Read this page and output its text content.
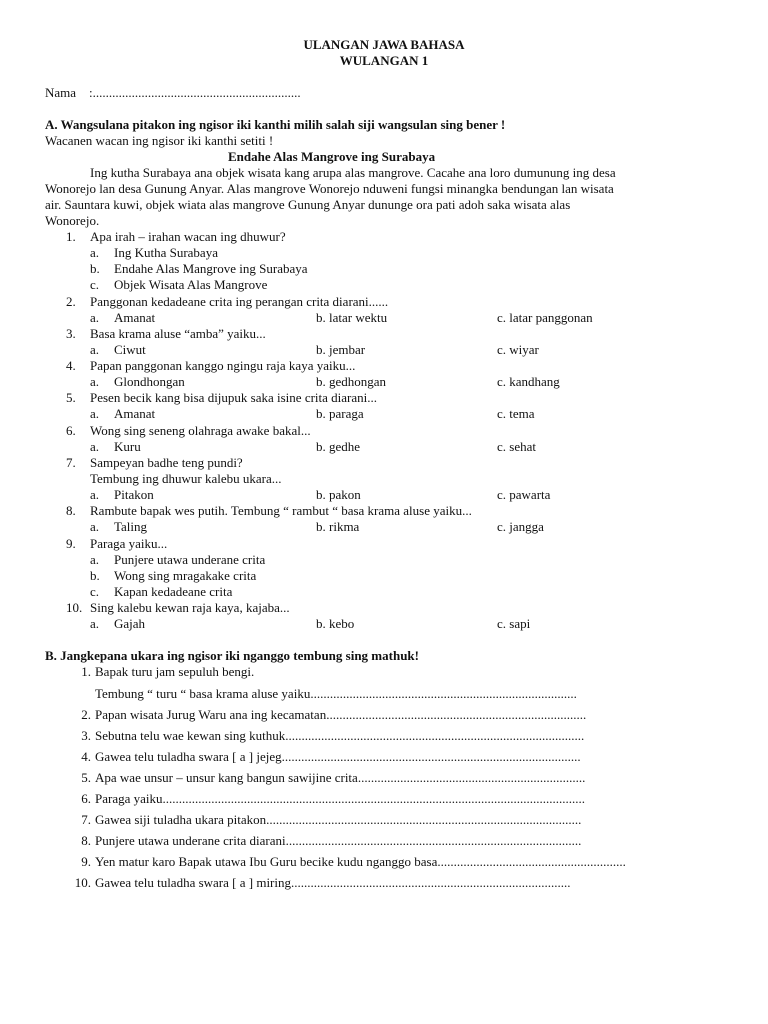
ULANGAN JAWA BAHASA
WULANGAN 1
Nama :................................................................
A. Wangsulana pitakon ing ngisor iki kanthi milih salah siji wangsulan sing bener !
Wacanen wacan ing ngisor iki kanthi setiti !
Endahe Alas Mangrove ing Surabaya
Ing kutha Surabaya ana objek wisata kang arupa alas mangrove. Cacahe ana loro dumunung ing desa
Wonorejo lan desa Gunung Anyar. Alas mangrove Wonorejo nduweni fungsi minangka bendungan lan wisata
air. Sauntara kuwi, objek wiata alas mangrove Gunung Anyar dunungе ora pati adoh saka wisata alas
Wonorejo.
1. Apa irah – irahan wacan ing dhuwur?
a. Ing Kutha Surabaya
b. Endahe Alas Mangrove ing Surabaya
c. Objek Wisata Alas Mangrove
2. Panggonan kedadeane crita ing perangan crita diarani......
a. Amanat	b. latar wektu	c. latar panggonan
3. Basa krama aluse “amba” yaiku...
a. Ciwut	b. jembar	c. wiyar
4. Papan panggonan kanggo ngingu raja kaya yaiku...
a. Glondhongan	b. gedhongan	c. kandhang
5. Pesen becik kang bisa dijupuk saka isine crita diarani...
a. Amanat	b. paraga	c. tema
6. Wong sing seneng olahraga awake bakal...
a. Kuru	b. gedhe	c. sehat
7. Sampeyan badhe teng pundi?
Tembung ing dhuwur kalebu ukara...
a. Pitakon	b. pakon	c. pawarta
8. Rambute bapak wes putih. Tembung “ rambut “ basa krama aluse yaiku...
a. Taling	b. rikma	c. jangga
9. Paraga yaiku...
a. Punjere utawa underane crita
b. Wong sing mragakake crita
c. Kapan kedadeane crita
10. Sing kalebu kewan raja kaya, kajaba...
a. Gajah	b. kebo	c. sapi
B. Jangkepana ukara ing ngisor iki nganggo tembung sing mathuk!
1. Bapak turu jam sepuluh bengi.
Tembung “ turu “ basa krama aluse yaiku..................................................................................
2. Papan wisata Jurug Waru ana ing kecamatan................................................................................
3. Sebutna telu wae kewan sing kuthuk............................................................................................
4. Gawea telu tuladha swara [ a ] jejeg............................................................................................
5. Apa wae unsur – unsur kang bangun sawijine crita......................................................................
6. Paraga yaiku..................................................................................................................................
7. Gawea siji tuladha ukara pitakon.................................................................................................
8. Punjere utawa underane crita diarani...........................................................................................
9. Yen matur karo Bapak utawa Ibu Guru becike kudu nganggo basa..........................................................
10. Gawea telu tuladha swara [ a ] miring......................................................................................
